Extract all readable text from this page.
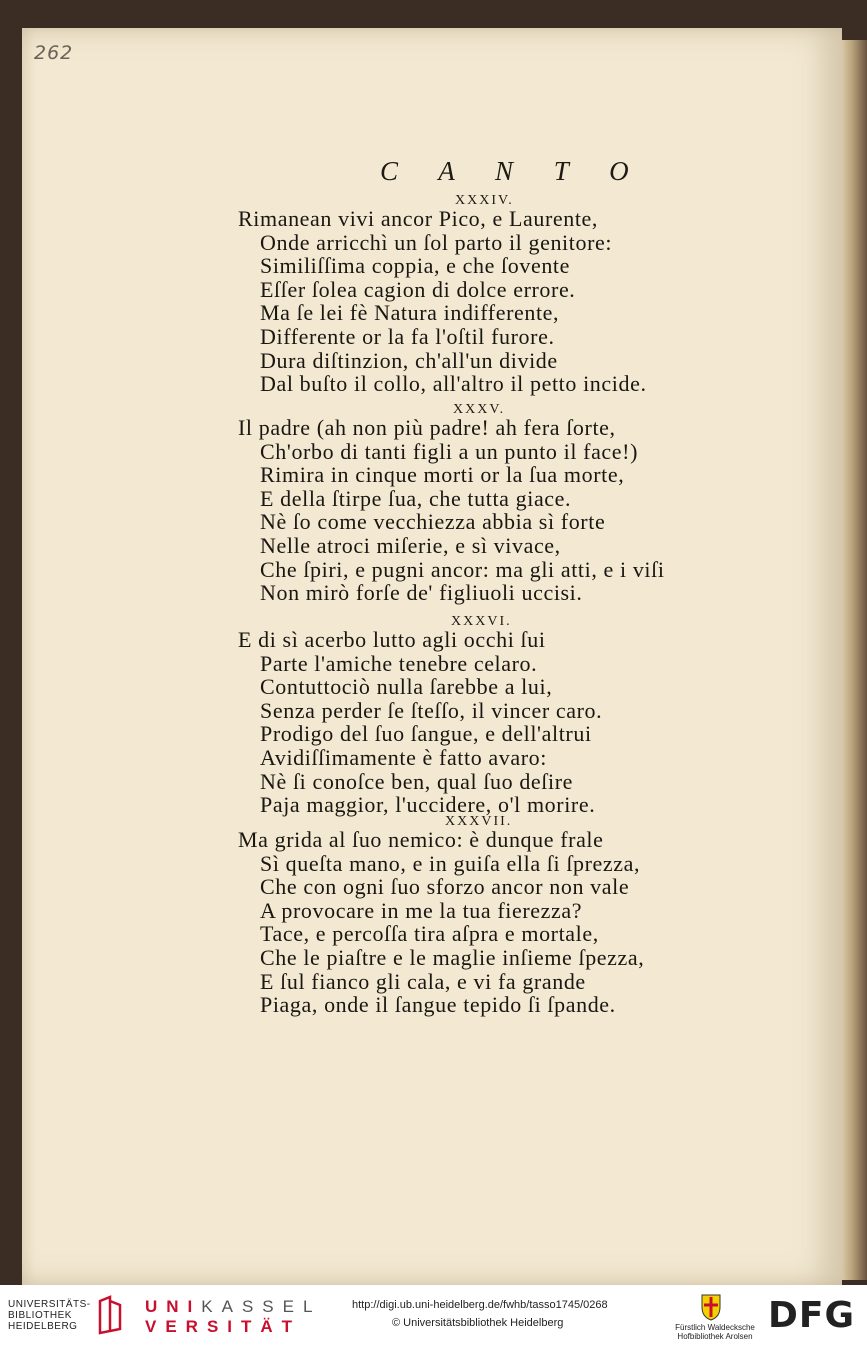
262
C A N T O
XXXIV.
Rimanean vivi ancor Pico, e Laurente,
Onde arricchì un ſol parto il genitore:
Similiſſima coppia, e che ſovente
Eſſer ſolea cagion di dolce errore.
Ma ſe lei fè Natura indifferente,
Differente or la fa l'oſtil furore.
Dura diſtinzion, ch'all'un divide
Dal buſto il collo, all'altro il petto incide.
XXXV.
Il padre (ah non più padre! ah fera ſorte,
Ch'orbo di tanti figli a un punto il face!)
Rimira in cinque morti or la ſua morte,
E della ſtirpe ſua, che tutta giace.
Nè ſo come vecchiezza abbia sì forte
Nelle atroci miſerie, e sì vivace,
Che ſpiri, e pugni ancor: ma gli atti, e i viſi
Non mirò forſe de' figliuoli uccisi.
XXXVI.
E di sì acerbo lutto agli occhi ſui
Parte l'amiche tenebre celaro.
Contuttociò nulla ſarebbe a lui,
Senza perder ſe ſteſſo, il vincer caro.
Prodigo del ſuo ſangue, e dell'altrui
Avidiſſimamente è fatto avaro:
Nè ſi conoſce ben, qual ſuo deſire
Paja maggior, l'uccidere, o'l morire.
XXXVII.
Ma grida al ſuo nemico: è dunque frale
Sì queſta mano, e in guiſa ella ſi ſprezza,
Che con ogni ſuo sforzo ancor non vale
A provocare in me la tua fierezza?
Tace, e percoſſa tira aſpra e mortale,
Che le piaſtre e le maglie inſieme ſpezza,
E ſul fianco gli cala, e vi fa grande
Piaga, onde il ſangue tepido ſi ſpande.
UNIVERSITÄTS-
BIBLIOTHEK
HEIDELBERG
UNIKASSEL
VERSITÄT
http://digi.ub.uni-heidelberg.de/fwhb/tasso1745/0268
© Universitätsbibliothek Heidelberg	Fürstlich Waldecksche
Hofbibliothek Arolsen
DFG
